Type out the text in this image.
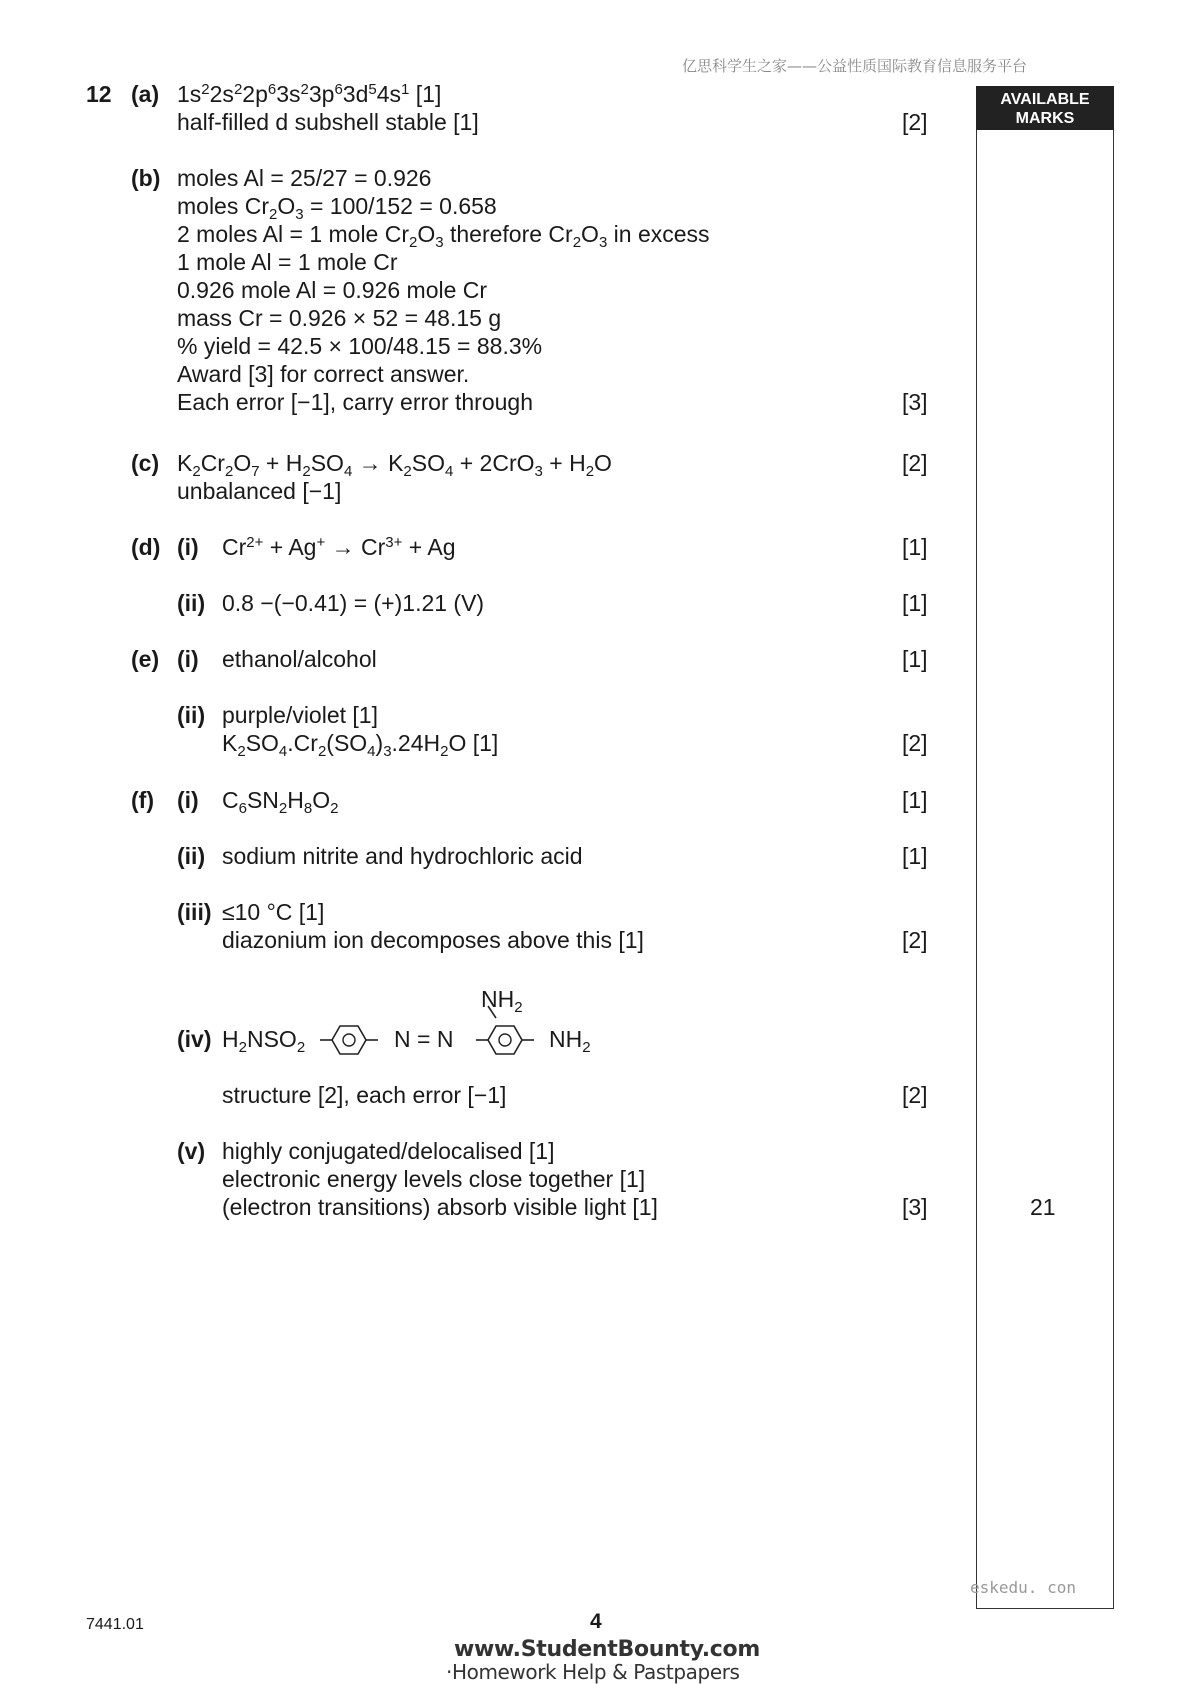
亿思科学生之家——公益性质国际教育信息服务平台
AVAILABLE
MARKS
21
12 (a) $1s^22s^22p^63s^23p^63d^54s^1$ [1]
half-filled d subshell stable [1]	[2]
(b) moles Al = 25/27 = 0.926
moles $Cr_2O_3 = 100/152 = 0.658$
2 moles Al = 1 mole $Cr_2O_3$ therefore $Cr_2O_3$ in excess
1 mole Al = 1 mole Cr
0.926 mole Al = 0.926 mole Cr
mass Cr = 0.926 × 52 = 48.15 g
% yield = 42.5 × 100/48.15 = 88.3%
Award [3] for correct answer.
Each error [−1], carry error through	[3]
(c) $K_2Cr_2O_7 + H_2SO_4 \to K_2SO_4 + 2CrO_3 + H_2O$
unbalanced [−1]
[2]
(d) (i) $Cr^{2+} + Ag^+ \to Cr^{3+} + Ag$	[1]
(ii) 0.8 −(−0.41) = (+)1.21 (V)	[1]
(e) (i) ethanol/alcohol	[1]
(ii) purple/violet [1]
$K_2SO_4.Cr_2(SO_4)_3.24H_2O$ [1]	[2]
(f) (i) $C_6SN_2H_8O_2$	[1]
(ii) sodium nitrite and hydrochloric acid	[1]
(iii) ≤10 °C [1]
diazonium ion decomposes above this [1]	[2]
(iv) $H_2NSO_2$	N = N
$NH_2$
$NH_2$
structure [2], each error [−1]	[2]
(v) highly conjugated/delocalised [1]
electronic energy levels close together [1]
(electron transitions) absorb visible light [1]	[3]
eskedu. con
7441.01	4
www.StudentBounty.com
·Homework Help & Pastpapers
